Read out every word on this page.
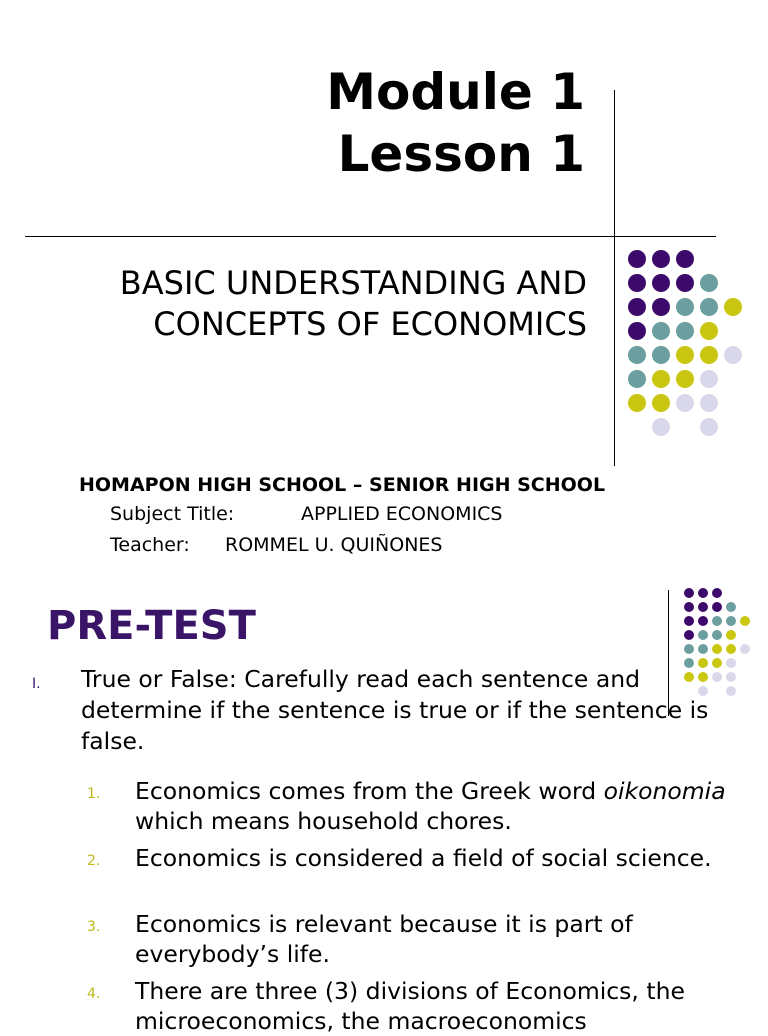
Module 1
Lesson 1
BASIC UNDERSTANDING AND
CONCEPTS OF ECONOMICS
HOMAPON HIGH SCHOOL – SENIOR HIGH SCHOOL
Subject Title:	APPLIED ECONOMICS
Teacher: ROMMEL U. QUIÑONES
PRE-TEST
I. True or False: Carefully read each sentence and determine if the sentence is true or if the sentence is false.
1. Economics comes from the Greek word oikonomia which means household chores.
2. Economics is considered a field of social science.
3. Economics is relevant because it is part of everybody’s life.
4. There are three (3) divisions of Economics, the microeconomics, the macroeconomics
